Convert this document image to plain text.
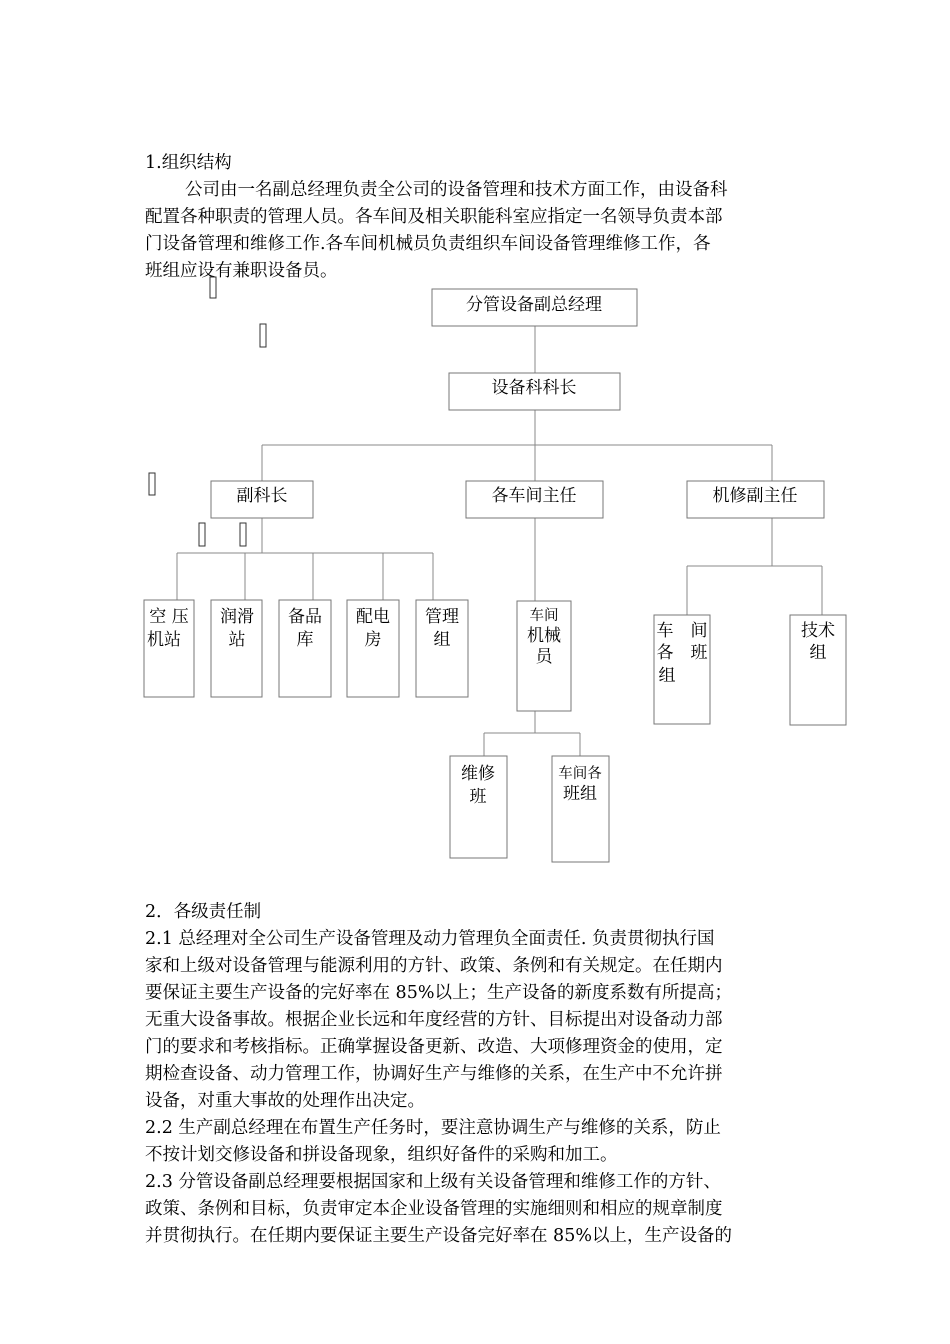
1.组织结构
公司由一名副总经理负责全公司的设备管理和技术方面工作，由设备科
配置各种职责的管理人员。各车间及相关职能科室应指定一名领导负责本部
门设备管理和维修工作.各车间机械员负责组织车间设备管理维修工作，各
班组应设有兼职设备员。
分管设备副总经理
设备科科长
副科长	各车间主任	机修副主任
空 压
机站
润滑
站
备品
库
配电
房
管理
组
车间
机械
员
维修
班
车间各
班组
车　间
各　班
组
技术
组
2．各级责任制
2.1 总经理对全公司生产设备管理及动力管理负全面责任. 负责贯彻执行国
家和上级对设备管理与能源利用的方针、政策、条例和有关规定。在任期内
要保证主要生产设备的完好率在 85%以上；生产设备的新度系数有所提高；
无重大设备事故。根据企业长远和年度经营的方针、目标提出对设备动力部
门的要求和考核指标。正确掌握设备更新、改造、大项修理资金的使用，定
期检查设备、动力管理工作，协调好生产与维修的关系，在生产中不允许拼
设备，对重大事故的处理作出决定。
2.2 生产副总经理在布置生产任务时，要注意协调生产与维修的关系，防止
不按计划交修设备和拼设备现象，组织好备件的采购和加工。
2.3 分管设备副总经理要根据国家和上级有关设备管理和维修工作的方针、
政策、条例和目标，负责审定本企业设备管理的实施细则和相应的规章制度
并贯彻执行。在任期内要保证主要生产设备完好率在 85%以上，生产设备的
